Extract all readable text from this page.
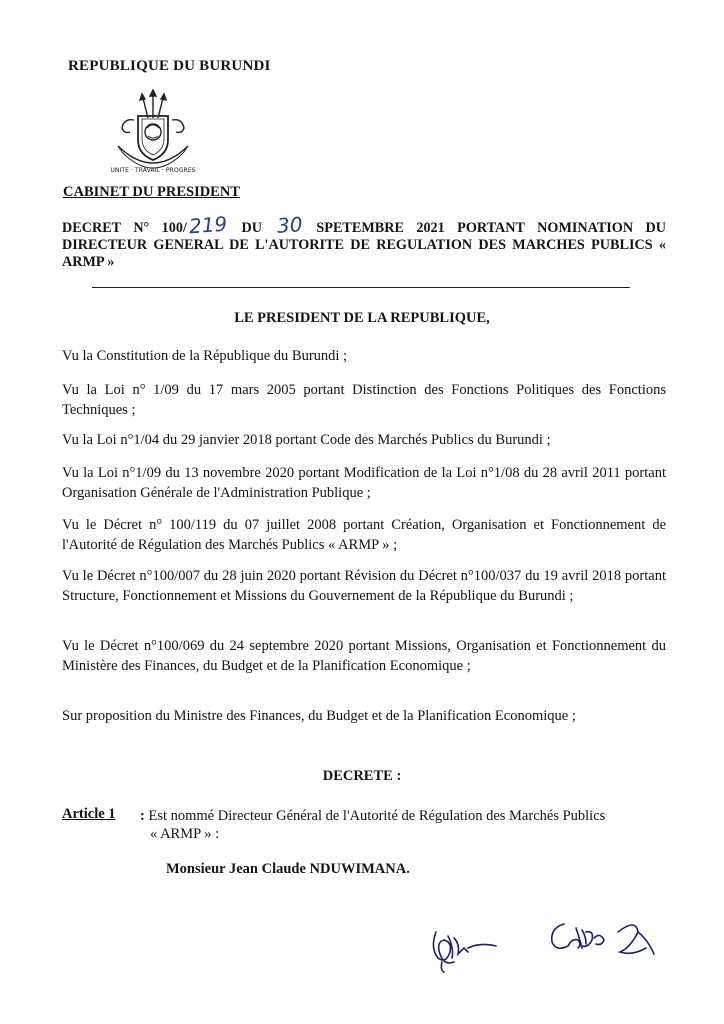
REPUBLIQUE DU BURUNDI
UNITE · TRAVAIL · PROGRES
CABINET DU PRESIDENT
DECRET N° 100/219 DU 30 SPETEMBRE 2021 PORTANT NOMINATION DU DIRECTEUR GENERAL DE L'AUTORITE DE REGULATION DES MARCHES PUBLICS « ARMP »
LE PRESIDENT DE LA REPUBLIQUE,
Vu la Constitution de la République du Burundi ;
Vu la Loi n° 1/09 du 17 mars 2005 portant Distinction des Fonctions Politiques des Fonctions Techniques ;
Vu la Loi n°1/04 du 29 janvier 2018 portant Code des Marchés Publics du Burundi ;
Vu la Loi n°1/09 du 13 novembre 2020 portant Modification de la Loi n°1/08 du 28 avril 2011 portant Organisation Générale de l'Administration Publique ;
Vu le Décret n° 100/119 du 07 juillet 2008 portant Création, Organisation et Fonctionnement de l'Autorité de Régulation des Marchés Publics « ARMP » ;
Vu le Décret n°100/007 du 28 juin 2020 portant Révision du Décret n°100/037 du 19 avril 2018 portant Structure, Fonctionnement et Missions du Gouvernement de la République du Burundi ;
Vu le Décret n°100/069 du 24 septembre 2020 portant Missions, Organisation et Fonctionnement du Ministère des Finances, du Budget et de la Planification Economique ;
Sur proposition du Ministre des Finances, du Budget et de la Planification Economique ;
DECRETE :
Article 1 : Est nommé Directeur Général de l'Autorité de Régulation des Marchés Publics
« ARMP » :
Monsieur Jean Claude NDUWIMANA.
